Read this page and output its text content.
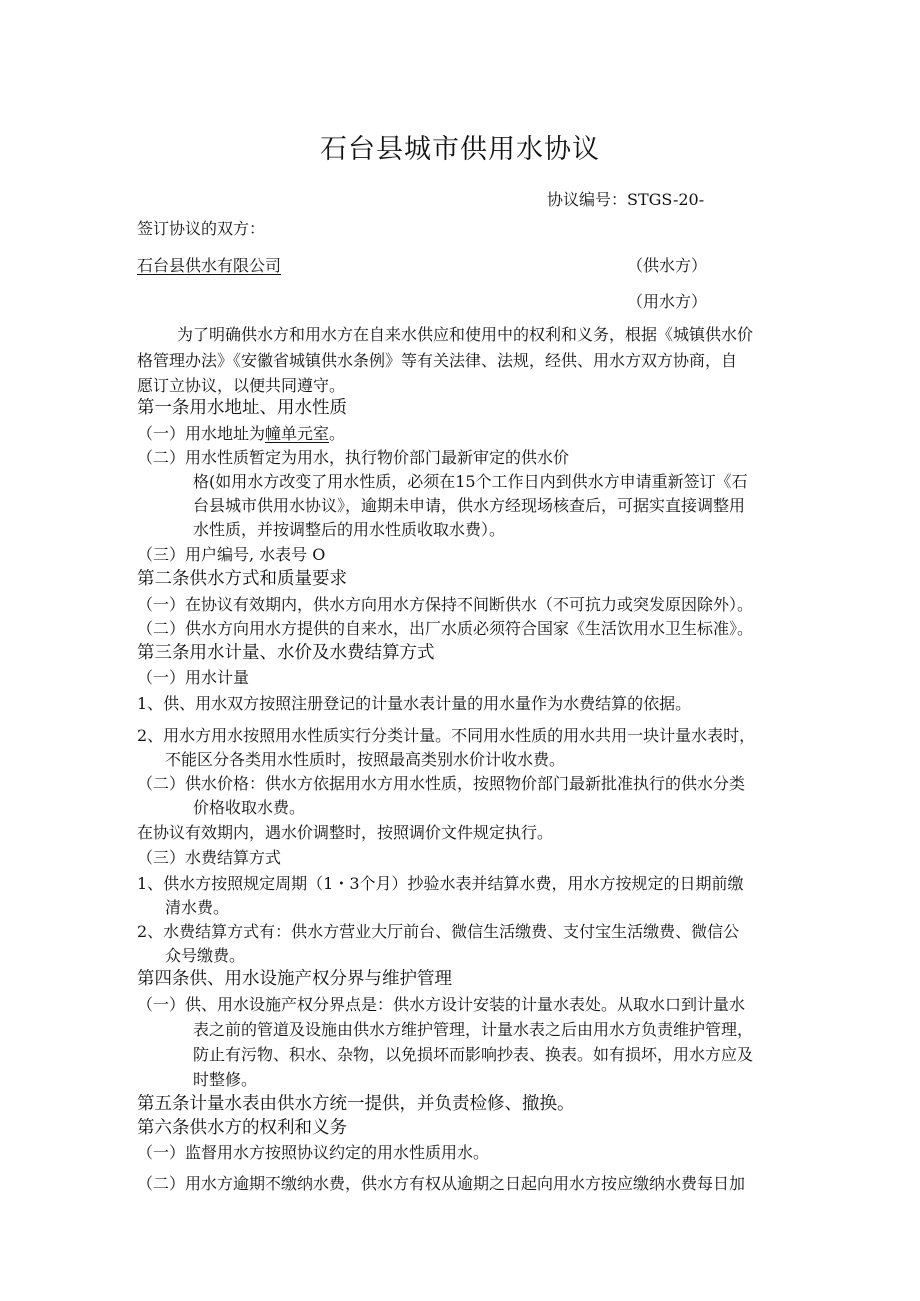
石台县城市供用水协议
协议编号：STGS-20-
签订协议的双方：
石台县供水有限公司	（供水方）
（用水方）
为了明确供水方和用水方在自来水供应和使用中的权利和义务，根据《城镇供水价
格管理办法》《安徽省城镇供水条例》等有关法律、法规，经供、用水方双方协商，自
愿订立协议，以便共同遵守。
第一条用水地址、用水性质
（一）用水地址为幢单元室。
（二）用水性质暂定为用水，执行物价部门最新审定的供水价
格(如用水方改变了用水性质，必须在15个工作日内到供水方申请重新签订《石
台县城市供用水协议》，逾期未申请，供水方经现场核查后，可据实直接调整用
水性质，并按调整后的用水性质收取水费）。
（三）用户编号, 水表号 O
第二条供水方式和质量要求
（一）在协议有效期内，供水方向用水方保持不间断供水（不可抗力或突发原因除外）。
（二）供水方向用水方提供的自来水，出厂水质必须符合国家《生活饮用水卫生标准》。
第三条用水计量、水价及水费结算方式
（一）用水计量
1、供、用水双方按照注册登记的计量水表计量的用水量作为水费结算的依据。
2、用水方用水按照用水性质实行分类计量。不同用水性质的用水共用一块计量水表时，
不能区分各类用水性质时，按照最高类别水价计收水费。
（二）供水价格：供水方依据用水方用水性质，按照物价部门最新批准执行的供水分类
价格收取水费。
在协议有效期内，遇水价调整时，按照调价文件规定执行。
（三）水费结算方式
1、供水方按照规定周期（1・3个月）抄验水表并结算水费，用水方按规定的日期前缴
清水费。
2、水费结算方式有：供水方营业大厅前台、微信生活缴费、支付宝生活缴费、微信公
众号缴费。
第四条供、用水设施产权分界与维护管理
（一）供、用水设施产权分界点是：供水方设计安装的计量水表处。从取水口到计量水
表之前的管道及设施由供水方维护管理，计量水表之后由用水方负责维护管理，
防止有污物、积水、杂物，以免损坏而影响抄表、换表。如有损坏，用水方应及
时整修。
第五条计量水表由供水方统一提供，并负责检修、撤换。
第六条供水方的权利和义务
（一）监督用水方按照协议约定的用水性质用水。
（二）用水方逾期不缴纳水费，供水方有权从逾期之日起向用水方按应缴纳水费每日加
